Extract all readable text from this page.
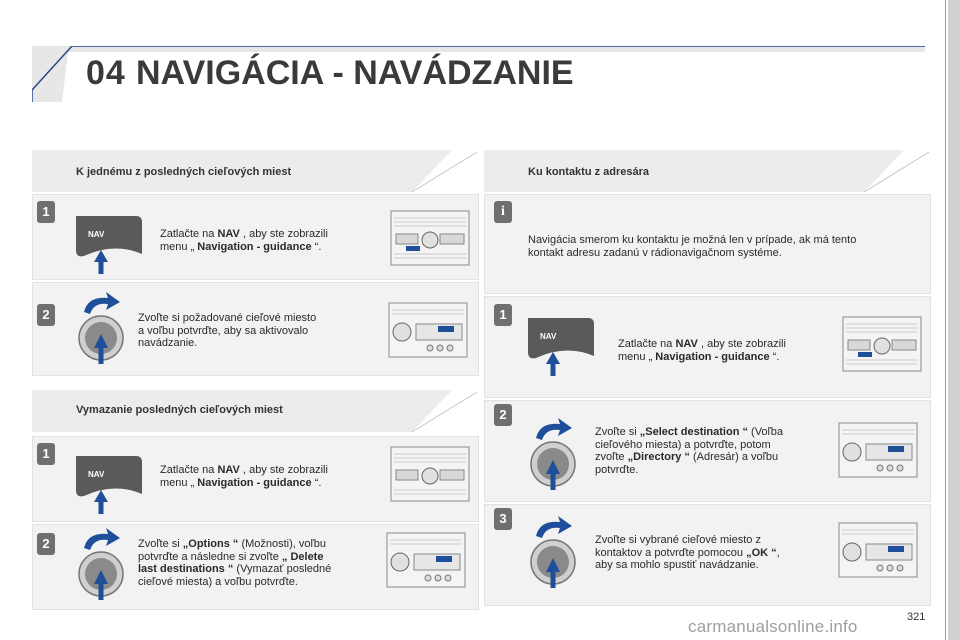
04 NAVIGÁCIA - NAVÁDZANIE
K jednému z posledných cieľových miest
1
NAV	Zatlačte na NAV , aby ste zobrazili
menu „ Navigation - guidance “.
2	Zvoľte si požadované cieľové miesto
a voľbu potvrďte, aby sa aktivovalo
navádzanie.
Vymazanie posledných cieľových miest
1
NAV	Zatlačte na NAV , aby ste zobrazili
menu „ Navigation - guidance “.
2	Zvoľte si „Options “ (Možnosti), voľbu
potvrďte a následne si zvoľte „ Delete
last destinations “ (Vymazať posledné
cieľové miesta) a voľbu potvrďte.
Ku kontaktu z adresára
i
Navigácia smerom ku kontaktu je možná len v prípade, ak má tento
kontakt adresu zadanú v rádionavigačnom systéme.
1
NAV
Zatlačte na NAV , aby ste zobrazili
menu „ Navigation - guidance “.
2
Zvoľte si „Select destination “ (Voľba
cieľového miesta) a potvrďte, potom
zvoľte „Directory “ (Adresár) a voľbu
potvrďte.
3
Zvoľte si vybrané cieľové miesto z
kontaktov a potvrďte pomocou „OK “,
aby sa mohlo spustiť navádzanie.
carmanualsonline.info	321
